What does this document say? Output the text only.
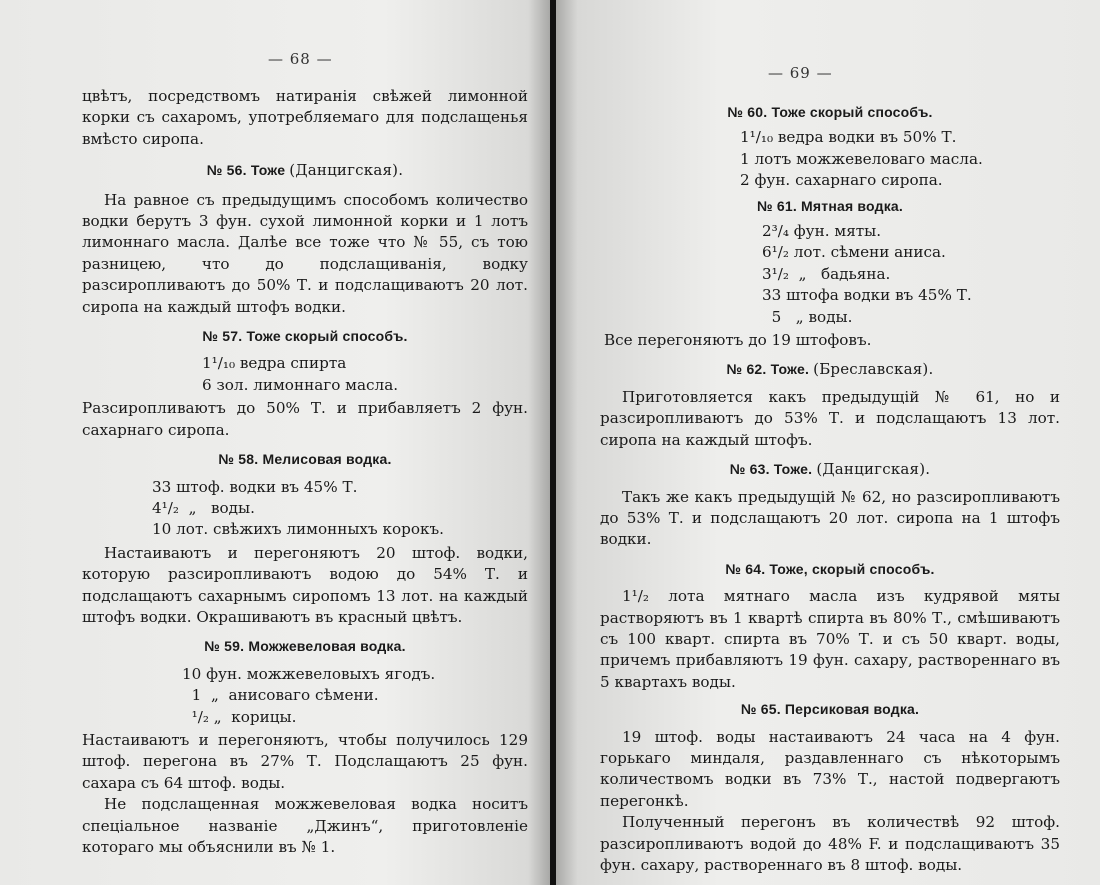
— 68 —

цвѣтъ, посредствомъ натиранія свѣжей лимонной корки съ сахаромъ, употребляемаго для подслащенья вмѣсто сиропа.

№ 56. Тоже (Данцигская).

На равное съ предыдущимъ способомъ количество водки берутъ 3 фун. сухой лимонной корки и 1 лотъ лимоннаго масла. Далѣе все тоже что № 55, съ тою разницею, что до подслащиванія, водку разсиропливаютъ до 50% Т. и подслащиваютъ 20 лот. сиропа на каждый штофъ водки.

№ 57. Тоже скорый способъ.
1¹/₁₀ ведра спирта
6 зол. лимоннаго масла.

Разсиропливаютъ до 50% Т. и прибавляетъ 2 фун. сахарнаго сиропа.

№ 58. Мелисовая водка.
33 штоф. водки въ 45% Т.
4¹/₂  „   воды.
10 лот. свѣжихъ лимонныхъ корокъ.

Настаиваютъ и перегоняютъ 20 штоф. водки, которую разсиропливаютъ водою до 54% Т. и подслащаютъ сахарнымъ сиропомъ 13 лот. на каждый штофъ водки. Окрашиваютъ въ красный цвѣтъ.

№ 59. Можжевеловая водка.
10 фун. можжевеловыхъ ягодъ.
1  „  анисоваго сѣмени.
¹/₂ „  корицы.

Настаиваютъ и перегоняютъ, чтобы получилось 129 штоф. перегона въ 27% Т. Подслащаютъ 25 фун. сахара съ 64 штоф. воды.

Не подслащенная можжевеловая водка носитъ спеціальное названіе „Джинъ“, приготовленіе которaго мы объяснили въ № 1.

— 69 —
№ 60. Тоже скорый способъ.
1¹/₁₀ ведра водки въ 50% Т.
1 лотъ можжевеловаго масла.
2 фун. сахарнаго сиропа.
№ 61. Мятная водка.
2³/₄ фун. мяты.
6¹/₂ лот. сѣмени аниса.
3¹/₂  „   бадьяна.
33 штофа водки въ 45% Т.
5   „ воды.

Все перегоняютъ до 19 штофовъ.

№ 62. Тоже. (Бреславская).

Приготовляется какъ предыдущій № 61, но и разсиропливаютъ до 53% Т. и подслащаютъ 13 лот. сиропа на каждый штофъ.

№ 63. Тоже. (Данцигская).

Такъ же какъ предыдущій № 62, но разсиропливаютъ до 53% Т. и подслащаютъ 20 лот. сиропа на 1 штофъ водки.

№ 64. Тоже, скорый способъ.

1¹/₂ лота мятнаго масла изъ кудрявой мяты растворяютъ въ 1 квартѣ спирта въ 80% Т., смѣшиваютъ съ 100 кварт. спирта въ 70% Т. и съ 50 кварт. воды, причемъ прибавляютъ 19 фун. сахару, раствореннаго въ 5 квартахъ воды.

№ 65. Персиковая водка.

19 штоф. воды настаиваютъ 24 часа на 4 фун. горькаго миндаля, раздавленнаго съ нѣкоторымъ количествомъ водки въ 73% Т., настой подвергаютъ перегонкѣ.

Полученный перегонъ въ количествѣ 92 штоф. разсиропливаютъ водой до 48% F. и подслащиваютъ 35 фун. сахару, раствореннаго въ 8 штоф. воды.
